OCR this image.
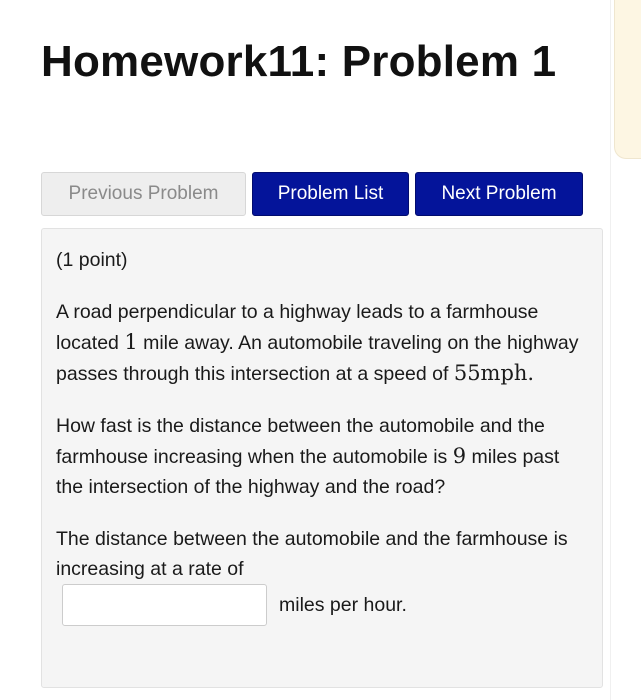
Homework11: Problem 1
Previous Problem	Problem List	Next Problem

(1 point)

A road perpendicular to a highway leads to a farmhouse located 1 mile away. An automobile traveling on the highway passes through this intersection at a speed of 55mph.

How fast is the distance between the automobile and the farmhouse increasing when the automobile is 9 miles past the intersection of the highway and the road?

The distance between the automobile and the farmhouse is increasing at a rate of

miles per hour.
